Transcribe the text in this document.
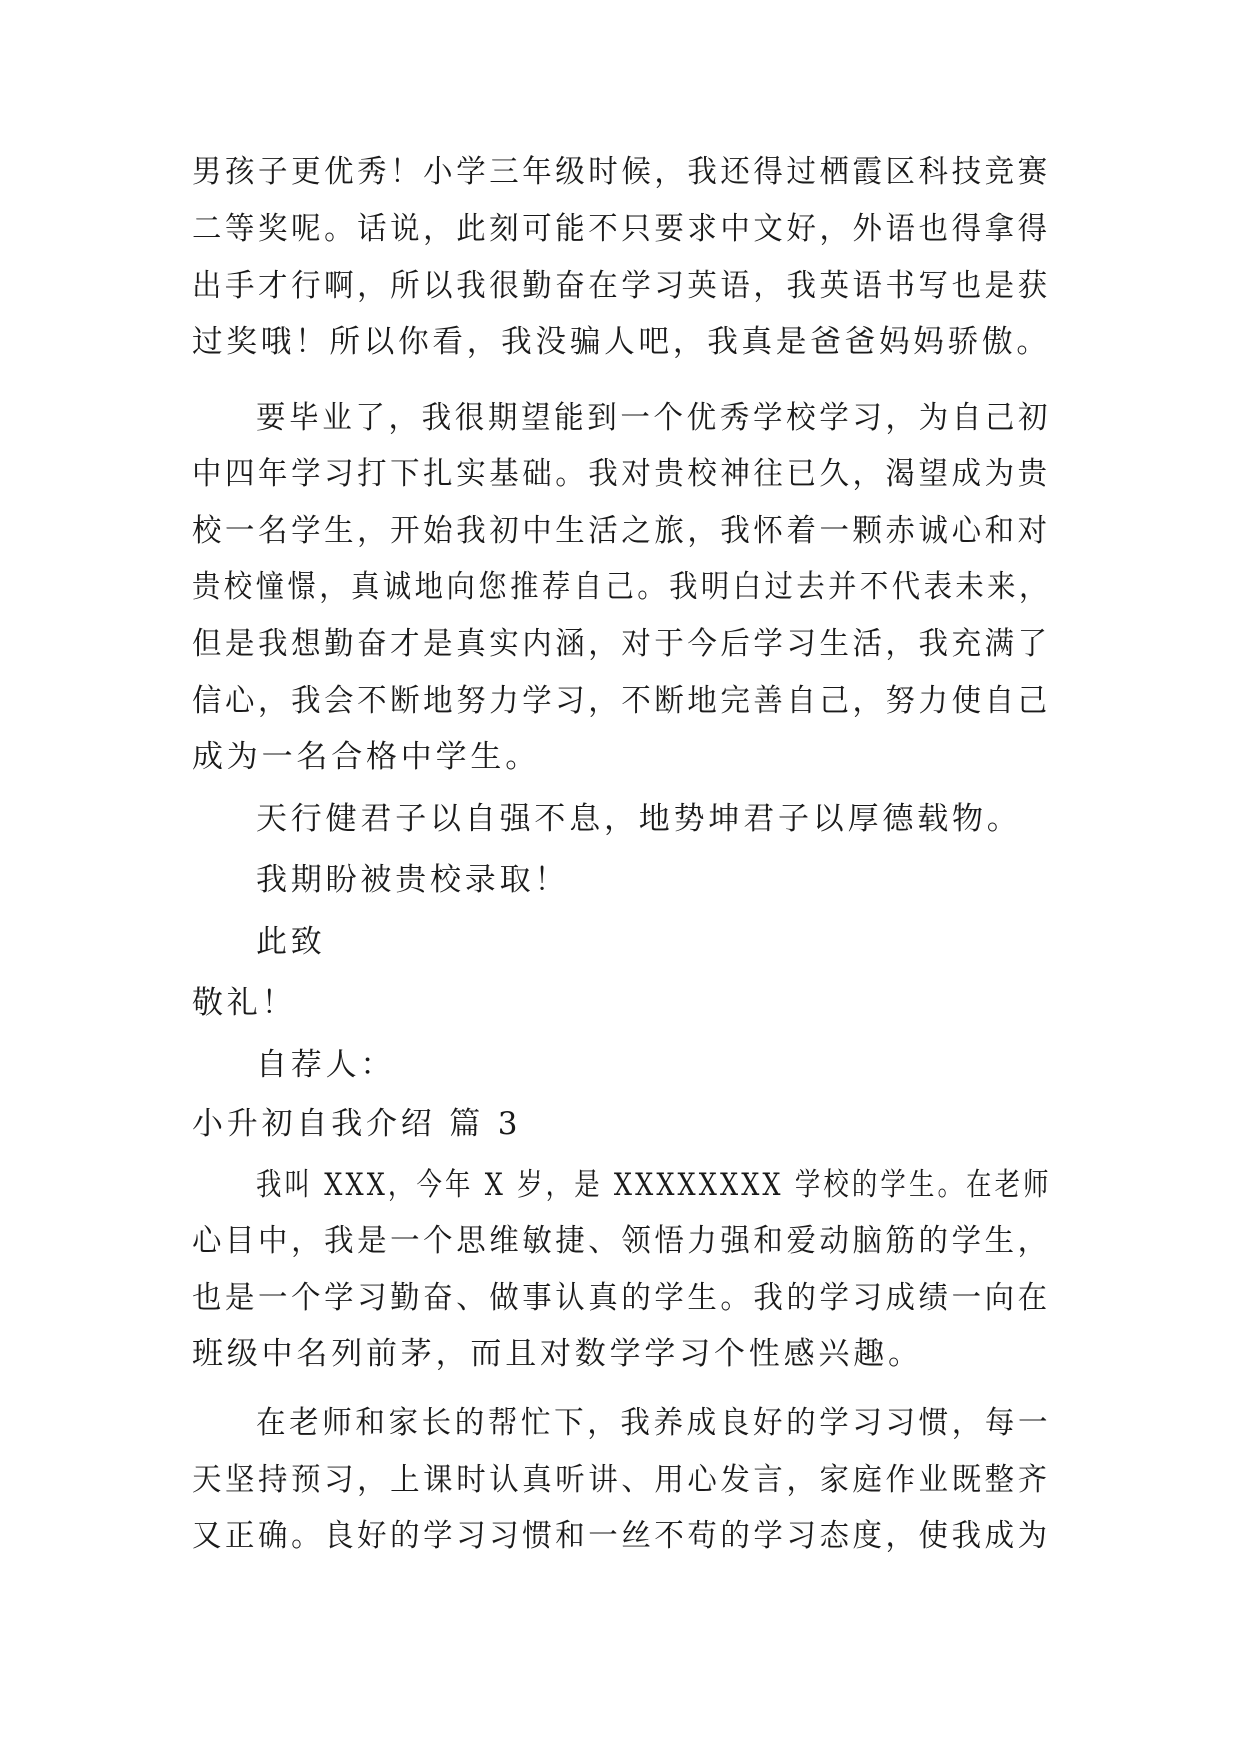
男孩子更优秀！小学三年级时候，我还得过栖霞区科技竞赛
二等奖呢。话说，此刻可能不只要求中文好，外语也得拿得
出手才行啊，所以我很勤奋在学习英语，我英语书写也是获
过奖哦！所以你看，我没骗人吧，我真是爸爸妈妈骄傲。
要毕业了，我很期望能到一个优秀学校学习，为自己初
中四年学习打下扎实基础。我对贵校神往已久，渴望成为贵
校一名学生，开始我初中生活之旅，我怀着一颗赤诚心和对
贵校憧憬，真诚地向您推荐自己。我明白过去并不代表未来，
但是我想勤奋才是真实内涵，对于今后学习生活，我充满了
信心，我会不断地努力学习，不断地完善自己，努力使自己
成为一名合格中学生。
天行健君子以自强不息，地势坤君子以厚德载物。
我期盼被贵校录取！
此致
敬礼！
自荐人：
小升初自我介绍 篇 3
我叫 XXX，今年 X 岁，是 XXXXXXXX 学校的学生。在老师
心目中，我是一个思维敏捷、领悟力强和爱动脑筋的学生，
也是一个学习勤奋、做事认真的学生。我的学习成绩一向在
班级中名列前茅，而且对数学学习个性感兴趣。
在老师和家长的帮忙下，我养成良好的学习习惯，每一
天坚持预习，上课时认真听讲、用心发言，家庭作业既整齐
又正确。良好的学习习惯和一丝不苟的学习态度，使我成为
